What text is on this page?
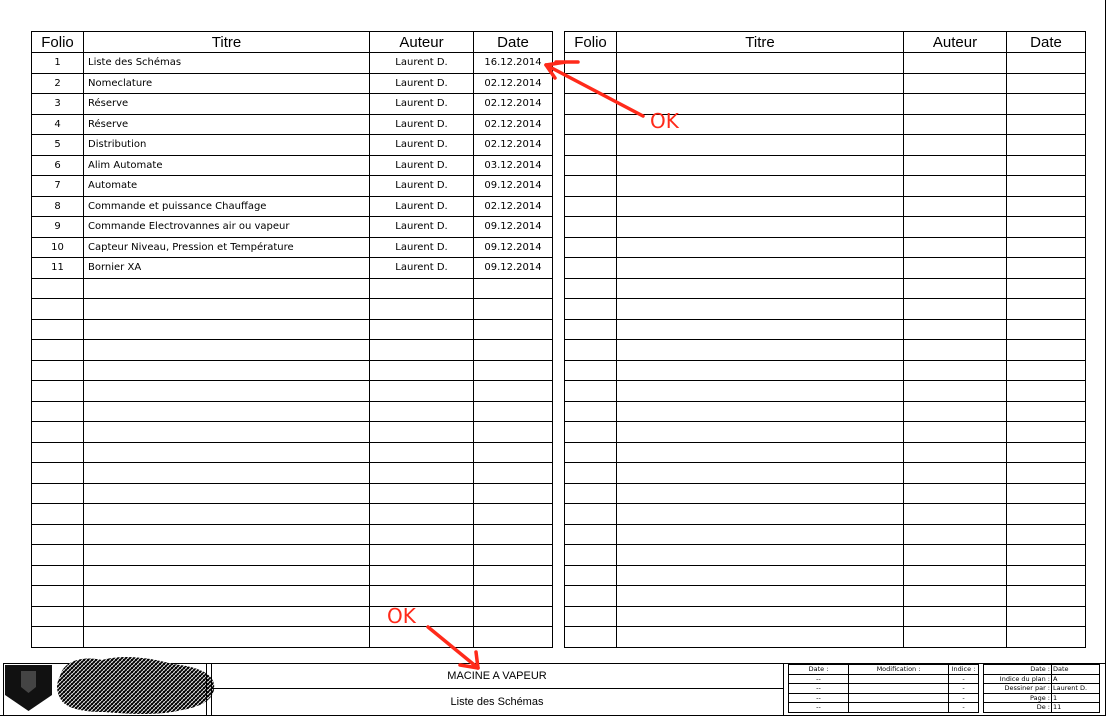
Folio	Titre	Auteur	Date
1	Liste des Schémas	Laurent D.	16.12.2014
2	Nomeclature	Laurent D.	02.12.2014
3	Réserve	Laurent D.	02.12.2014
4	Réserve	Laurent D.	02.12.2014
5	Distribution	Laurent D.	02.12.2014
6	Alim Automate	Laurent D.	03.12.2014
7	Automate	Laurent D.	09.12.2014
8	Commande et puissance Chauffage	Laurent D.	02.12.2014
9	Commande Electrovannes air ou vapeur	Laurent D.	09.12.2014
10	Capteur Niveau, Pression et Température	Laurent D.	09.12.2014
11	Bornier XA	Laurent D.	09.12.2014

Folio	Titre	Auteur	Date

MACINE A VAPEUR
Liste des Schémas
Date :	Modification :	Indice :
--		-
--		-
--		-
--		-
Date :	Date
Indice du plan :	A
Dessiner par :	Laurent D.
Page :	1
De :	11
OK
OK
